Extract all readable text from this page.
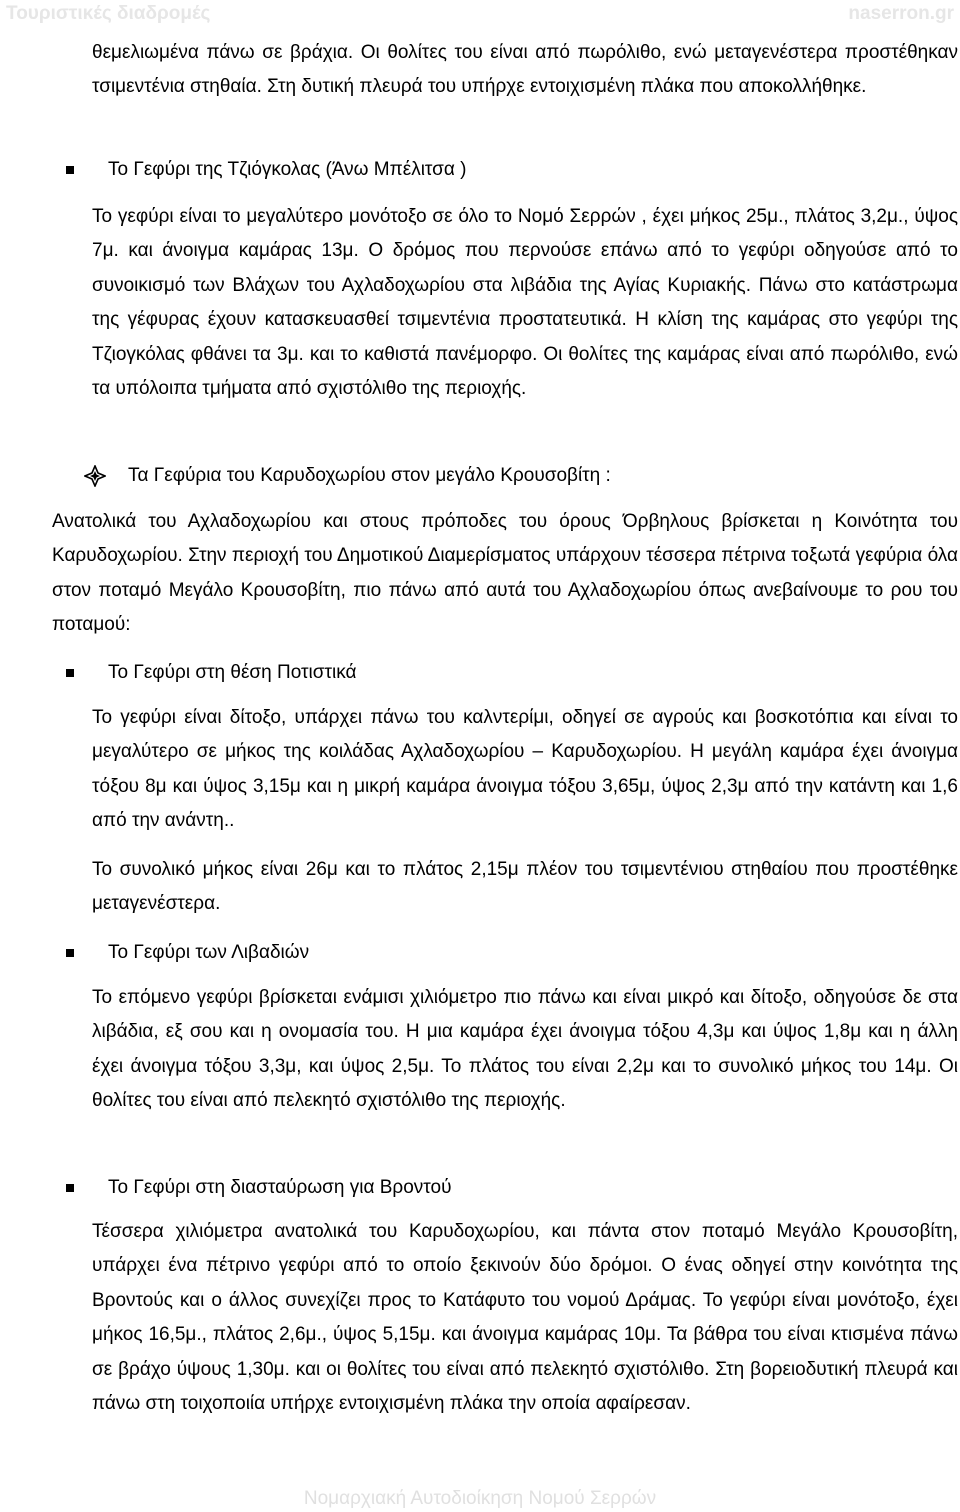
Τουριστικές διαδρομές	naserron.gr
θεμελιωμένα πάνω σε βράχια. Οι θολίτες του είναι από πωρόλιθο, ενώ μεταγενέστερα προστέθηκαν τσιμεντένια στηθαία. Στη δυτική πλευρά του υπήρχε εντοιχισμένη πλάκα που αποκολλήθηκε.
Το Γεφύρι της Τζιόγκολας (Άνω Μπέλιτσα )
Το γεφύρι είναι το μεγαλύτερο μονότοξο σε όλο το Νομό Σερρών , έχει μήκος 25μ., πλάτος 3,2μ., ύψος 7μ. και άνοιγμα καμάρας 13μ. Ο δρόμος που περνούσε επάνω από το γεφύρι οδηγούσε από το συνοικισμό των Βλάχων του Αχλαδοχωρίου στα λιβάδια της Αγίας Κυριακής. Πάνω στο κατάστρωμα της γέφυρας έχουν κατασκευασθεί τσιμεντένια προστατευτικά. Η κλίση της καμάρας στο γεφύρι της Τζιογκόλας φθάνει τα 3μ. και το καθιστά πανέμορφο. Οι θολίτες της καμάρας είναι από πωρόλιθο, ενώ τα υπόλοιπα τμήματα από σχιστόλιθο της περιοχής.
Τα Γεφύρια του Καρυδοχωρίου στον μεγάλο Κρουσοβίτη :
Ανατολικά του Αχλαδοχωρίου και στους πρόποδες του όρους Όρβηλους βρίσκεται η Κοινότητα του Καρυδοχωρίου. Στην περιοχή του Δημοτικού Διαμερίσματος υπάρχουν τέσσερα πέτρινα τοξωτά γεφύρια όλα στον ποταμό Μεγάλο Κρουσοβίτη, πιο πάνω από αυτά του Αχλαδοχωρίου όπως ανεβαίνουμε το ρου του ποταμού:
Το Γεφύρι στη θέση Ποτιστικά
Το γεφύρι είναι δίτοξο, υπάρχει πάνω του καλντερίμι, οδηγεί σε αγρούς και βοσκοτόπια και είναι το μεγαλύτερο σε μήκος της κοιλάδας Αχλαδοχωρίου – Καρυδοχωρίου. Η μεγάλη καμάρα έχει άνοιγμα τόξου 8μ και ύψος 3,15μ και η μικρή καμάρα άνοιγμα τόξου 3,65μ, ύψος 2,3μ από την κατάντη και 1,6 από την ανάντη..
Το συνολικό μήκος είναι 26μ και το πλάτος 2,15μ πλέον του τσιμεντένιου στηθαίου που προστέθηκε μεταγενέστερα.
Το Γεφύρι των Λιβαδιών
Το επόμενο γεφύρι βρίσκεται ενάμισι χιλιόμετρο πιο πάνω και είναι μικρό και δίτοξο, οδηγούσε δε στα λιβάδια, εξ σου και η ονομασία του. Η μια καμάρα έχει άνοιγμα τόξου 4,3μ και ύψος 1,8μ και η άλλη έχει άνοιγμα τόξου 3,3μ, και ύψος 2,5μ. Το πλάτος του είναι 2,2μ και το συνολικό μήκος του 14μ. Οι θολίτες του είναι από πελεκητό σχιστόλιθο της περιοχής.
Το Γεφύρι στη διασταύρωση για Βροντού
Τέσσερα χιλιόμετρα ανατολικά του Καρυδοχωρίου, και πάντα στον ποταμό Μεγάλο Κρουσοβίτη, υπάρχει ένα πέτρινο γεφύρι από το οποίο ξεκινούν δύο δρόμοι. Ο ένας οδηγεί στην κοινότητα της Βροντούς και ο άλλος συνεχίζει προς το Κατάφυτο του νομού Δράμας. Το γεφύρι είναι μονότοξο, έχει μήκος 16,5μ., πλάτος 2,6μ., ύψος 5,15μ. και άνοιγμα καμάρας 10μ. Τα βάθρα του είναι κτισμένα πάνω σε βράχο ύψους 1,30μ. και οι θολίτες του είναι από πελεκητό σχιστόλιθο. Στη βορειοδυτική πλευρά και πάνω στη τοιχοποιία υπήρχε εντοιχισμένη πλάκα την οποία αφαίρεσαν.
Νομαρχιακή Αυτοδιοίκηση Νομού Σερρών
